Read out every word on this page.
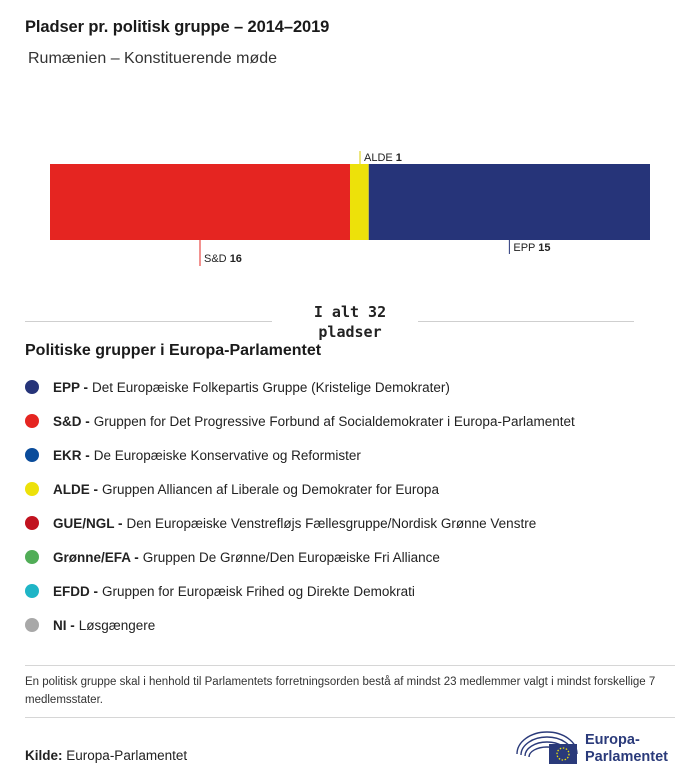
Pladser pr. politisk gruppe – 2014–2019
Rumænien – Konstituerende møde
S&D 16
ALDE 1
EPP 15
I alt 32 pladser
Politiske grupper i Europa-Parlamentet
EPP - Det Europæiske Folkepartis Gruppe (Kristelige Demokrater)
S&D - Gruppen for Det Progressive Forbund af Socialdemokrater i Europa-Parlamentet
EKR - De Europæiske Konservative og Reformister
ALDE - Gruppen Alliancen af Liberale og Demokrater for Europa
GUE/NGL - Den Europæiske Venstrefløjs Fællesgruppe/Nordisk Grønne Venstre
Grønne/EFA - Gruppen De Grønne/Den Europæiske Fri Alliance
EFDD - Gruppen for Europæisk Frihed og Direkte Demokrati
NI - Løsgængere
En politisk gruppe skal i henhold til Parlamentets forretningsorden bestå af mindst 23 medlemmer valgt i mindst forskellige 7 medlemsstater.
Kilde: Europa-Parlamentet
Europa-
Parlamentet
